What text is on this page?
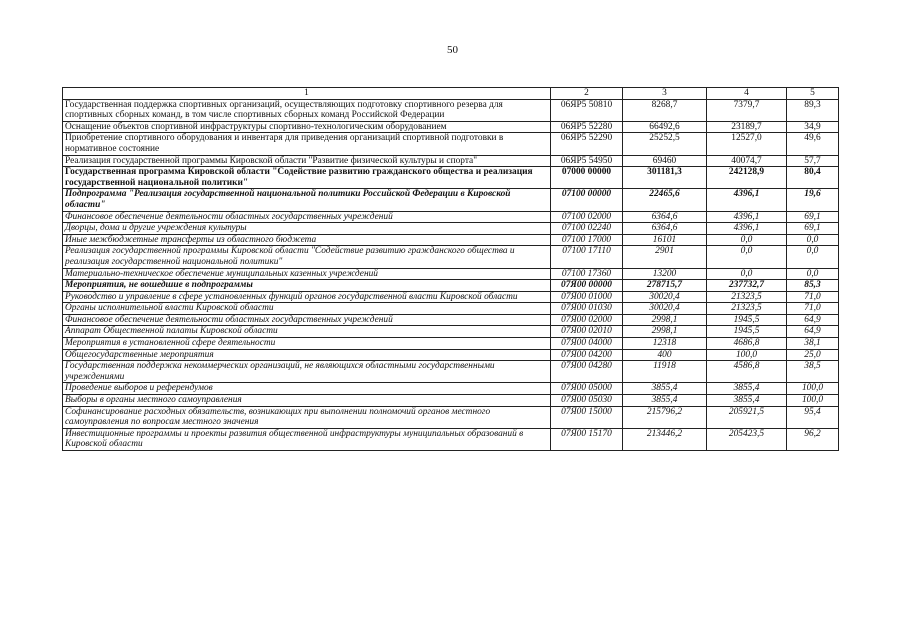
50
1	2	3	4	5
Государственная поддержка спортивных организаций, осуществляющих подготовку спортивного резерва для спортивных сборных команд, в том числе спортивных сборных команд Российской Федерации	06ЯР5 50810	8268,7	7379,7	89,3
Оснащение объектов спортивной инфраструктуры спортивно-технологическим оборудованием	06ЯР5 52280	66492,6	23189,7	34,9
Приобретение спортивного оборудования и инвентаря для приведения организаций спортивной подготовки в нормативное состояние	06ЯР5 52290	25252,5	12527,0	49,6
Реализация государственной программы Кировской области "Развитие физической культуры и спорта"	06ЯР5 54950	69460	40074,7	57,7
Государственная программа Кировской области "Содействие развитию гражданского общества и реализация государственной национальной политики"	07000 00000	301181,3	242128,9	80,4
Подпрограмма "Реализация государственной национальной политики Российской Федерации в Кировской области"	07100 00000	22465,6	4396,1	19,6
Финансовое обеспечение деятельности областных государственных учреждений	07100 02000	6364,6	4396,1	69,1
Дворцы, дома и другие учреждения культуры	07100 02240	6364,6	4396,1	69,1
Иные межбюджетные трансферты из областного бюджета	07100 17000	16101	0,0	0,0
Реализация государственной программы Кировской области "Содействие развитию гражданского общества и реализация государственной национальной политики"	07100 17110	2901	0,0	0,0
Материально-техническое обеспечение муниципальных казенных учреждений	07100 17360	13200	0,0	0,0
Мероприятия, не вошедшие в подпрограммы	07Я00 00000	278715,7	237732,7	85,3
Руководство и управление в сфере установленных функций органов государственной власти Кировской области	07Я00 01000	30020,4	21323,5	71,0
Органы исполнительной власти Кировской области	07Я00 01030	30020,4	21323,5	71,0
Финансовое обеспечение деятельности областных государственных учреждений	07Я00 02000	2998,1	1945,5	64,9
Аппарат Общественной палаты Кировской области	07Я00 02010	2998,1	1945,5	64,9
Мероприятия в установленной сфере деятельности	07Я00 04000	12318	4686,8	38,1
Общегосударственные мероприятия	07Я00 04200	400	100,0	25,0
Государственная поддержка некоммерческих организаций, не являющихся областными государственными учреждениями	07Я00 04280	11918	4586,8	38,5
Проведение выборов и референдумов	07Я00 05000	3855,4	3855,4	100,0
Выборы в органы местного самоуправления	07Я00 05030	3855,4	3855,4	100,0
Софинансирование расходных обязательств, возникающих при выполнении полномочий органов местного самоуправления по вопросам местного значения	07Я00 15000	215796,2	205921,5	95,4
Инвестиционные программы и проекты развития общественной инфраструктуры муниципальных образований в Кировской области	07Я00 15170	213446,2	205423,5	96,2
